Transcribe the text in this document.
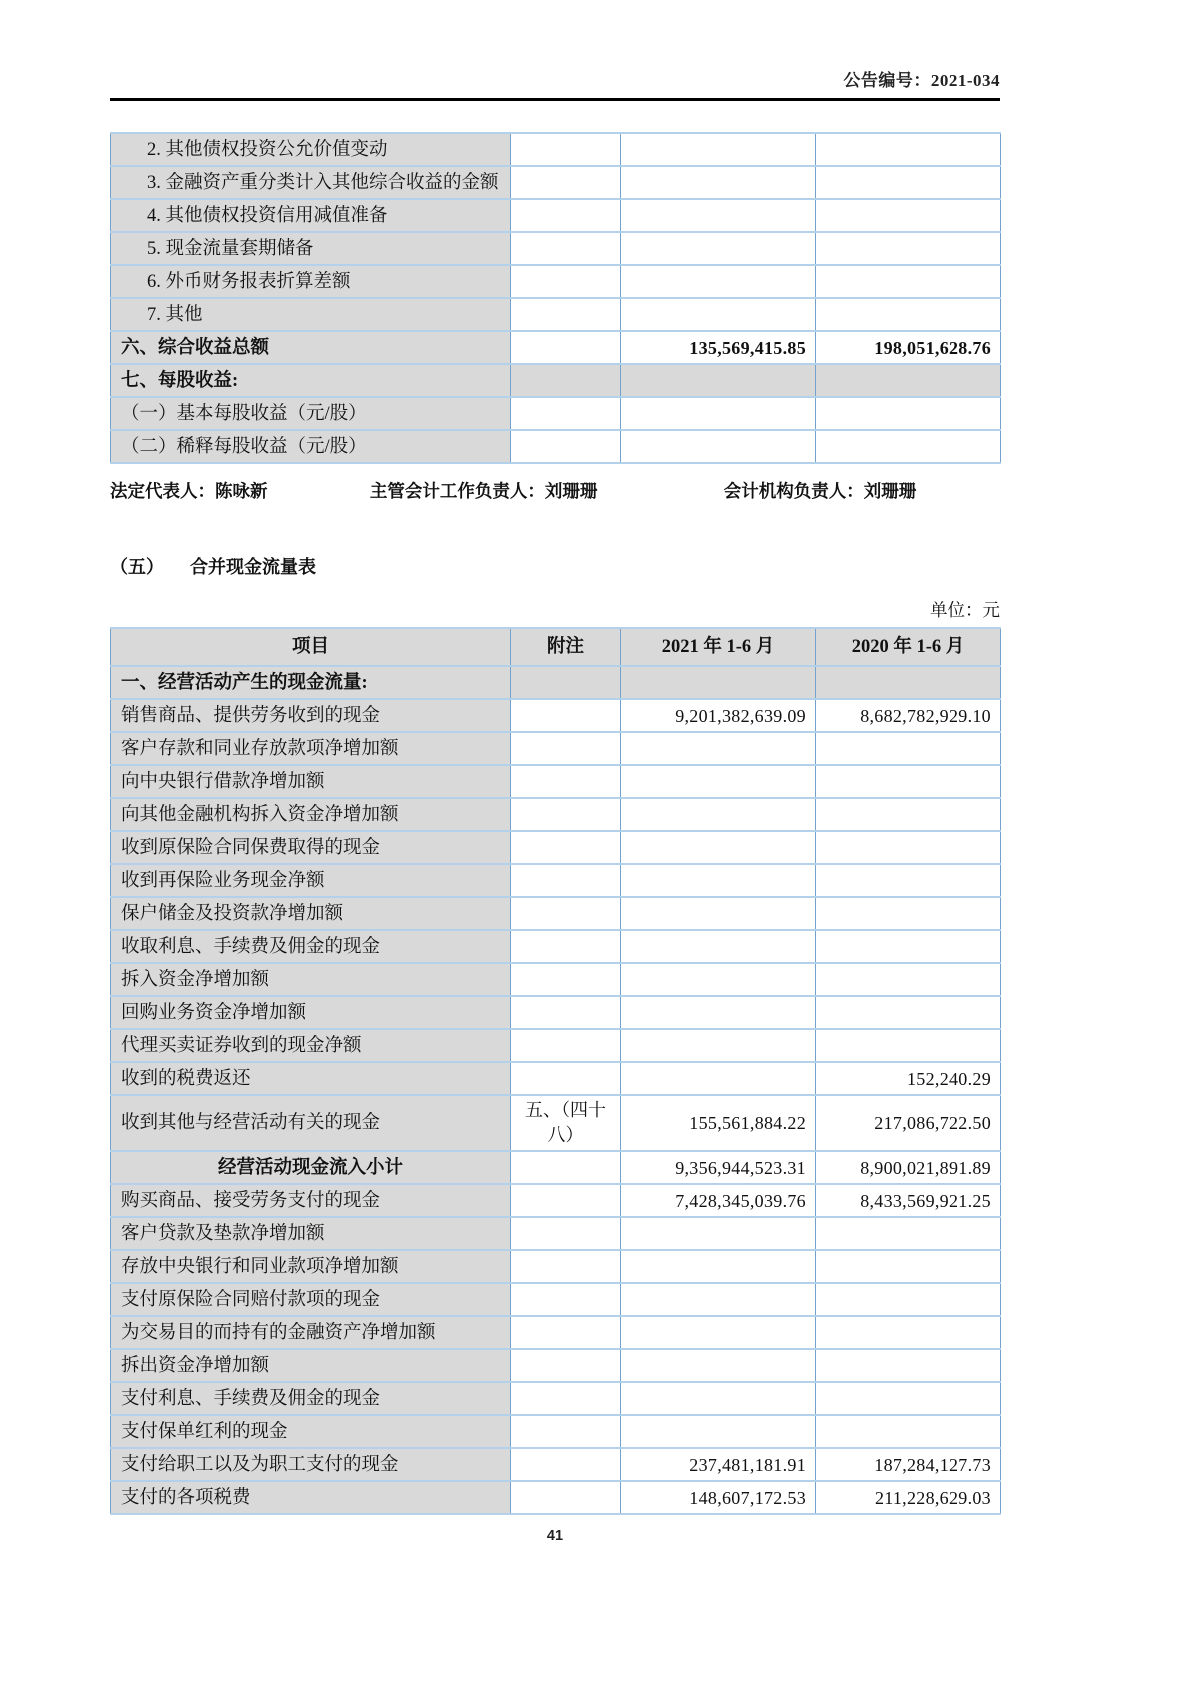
公告编号：2021-034
2. 其他债权投资公允价值变动			
3. 金融资产重分类计入其他综合收益的金额			
4. 其他债权投资信用减值准备			
5. 现金流量套期储备			
6. 外币财务报表折算差额			
7. 其他			
六、综合收益总额		135,569,415.85	198,051,628.76
七、每股收益:			
（一）基本每股收益（元/股）			
（二）稀释每股收益（元/股）			
法定代表人：陈咏新	主管会计工作负责人：刘珊珊	会计机构负责人：刘珊珊
（五） 合并现金流量表
单位：元
项目	附注	2021 年 1-6 月	2020 年 1-6 月
一、经营活动产生的现金流量:			
销售商品、提供劳务收到的现金		9,201,382,639.09	8,682,782,929.10
客户存款和同业存放款项净增加额			
向中央银行借款净增加额			
向其他金融机构拆入资金净增加额			
收到原保险合同保费取得的现金			
收到再保险业务现金净额			
保户储金及投资款净增加额			
收取利息、手续费及佣金的现金			
拆入资金净增加额			
回购业务资金净增加额			
代理买卖证券收到的现金净额			
收到的税费返还			152,240.29
收到其他与经营活动有关的现金	五、（四十八）	155,561,884.22	217,086,722.50
经营活动现金流入小计		9,356,944,523.31	8,900,021,891.89
购买商品、接受劳务支付的现金		7,428,345,039.76	8,433,569,921.25
客户贷款及垫款净增加额			
存放中央银行和同业款项净增加额			
支付原保险合同赔付款项的现金			
为交易目的而持有的金融资产净增加额			
拆出资金净增加额			
支付利息、手续费及佣金的现金			
支付保单红利的现金			
支付给职工以及为职工支付的现金		237,481,181.91	187,284,127.73
支付的各项税费		148,607,172.53	211,228,629.03
41
